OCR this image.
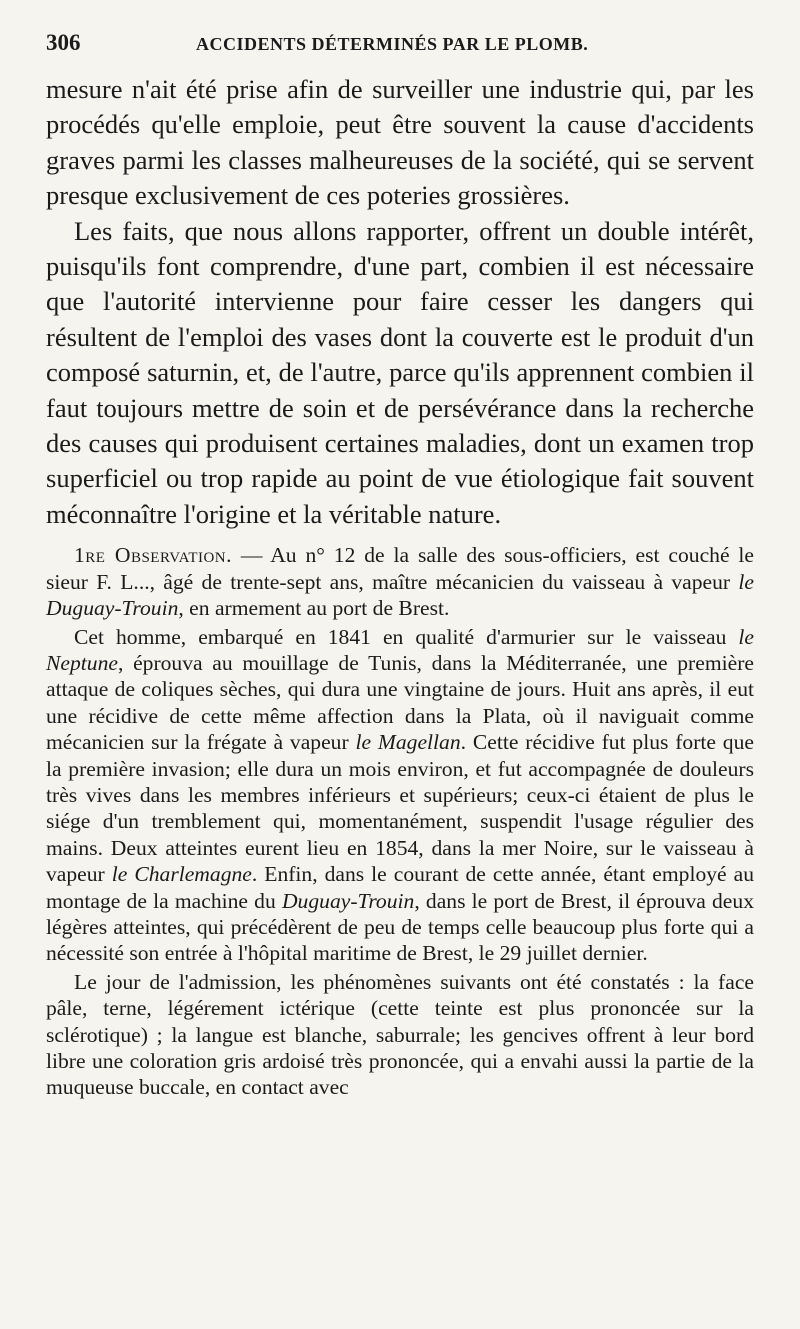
306	ACCIDENTS DÉTERMINÉS PAR LE PLOMB.

mesure n'ait été prise afin de surveiller une industrie qui, par les procédés qu'elle emploie, peut être souvent la cause d'accidents graves parmi les classes malheureuses de la société, qui se servent presque exclusivement de ces poteries grossières.

Les faits, que nous allons rapporter, offrent un double intérêt, puisqu'ils font comprendre, d'une part, combien il est nécessaire que l'autorité intervienne pour faire cesser les dangers qui résultent de l'emploi des vases dont la couverte est le produit d'un composé saturnin, et, de l'autre, parce qu'ils apprennent combien il faut toujours mettre de soin et de persévérance dans la recherche des causes qui produisent certaines maladies, dont un examen trop superficiel ou trop rapide au point de vue étiologique fait souvent méconnaître l'origine et la véritable nature.

1re Observation. — Au n° 12 de la salle des sous-officiers, est couché le sieur F. L..., âgé de trente-sept ans, maître mécanicien du vaisseau à vapeur le Duguay-Trouin, en armement au port de Brest.

Cet homme, embarqué en 1841 en qualité d'armurier sur le vaisseau le Neptune, éprouva au mouillage de Tunis, dans la Méditerranée, une première attaque de coliques sèches, qui dura une vingtaine de jours. Huit ans après, il eut une récidive de cette même affection dans la Plata, où il naviguait comme mécanicien sur la frégate à vapeur le Magellan. Cette récidive fut plus forte que la première invasion; elle dura un mois environ, et fut accompagnée de douleurs très vives dans les membres inférieurs et supérieurs; ceux-ci étaient de plus le siége d'un tremblement qui, momentanément, suspendit l'usage régulier des mains. Deux atteintes eurent lieu en 1854, dans la mer Noire, sur le vaisseau à vapeur le Charlemagne. Enfin, dans le courant de cette année, étant employé au montage de la machine du Duguay-Trouin, dans le port de Brest, il éprouva deux légères atteintes, qui précédèrent de peu de temps celle beaucoup plus forte qui a nécessité son entrée à l'hôpital maritime de Brest, le 29 juillet dernier.

Le jour de l'admission, les phénomènes suivants ont été constatés : la face pâle, terne, légérement ictérique (cette teinte est plus prononcée sur la sclérotique) ; la langue est blanche, saburrale; les gencives offrent à leur bord libre une coloration gris ardoisé très prononcée, qui a envahi aussi la partie de la muqueuse buccale, en contact avec
